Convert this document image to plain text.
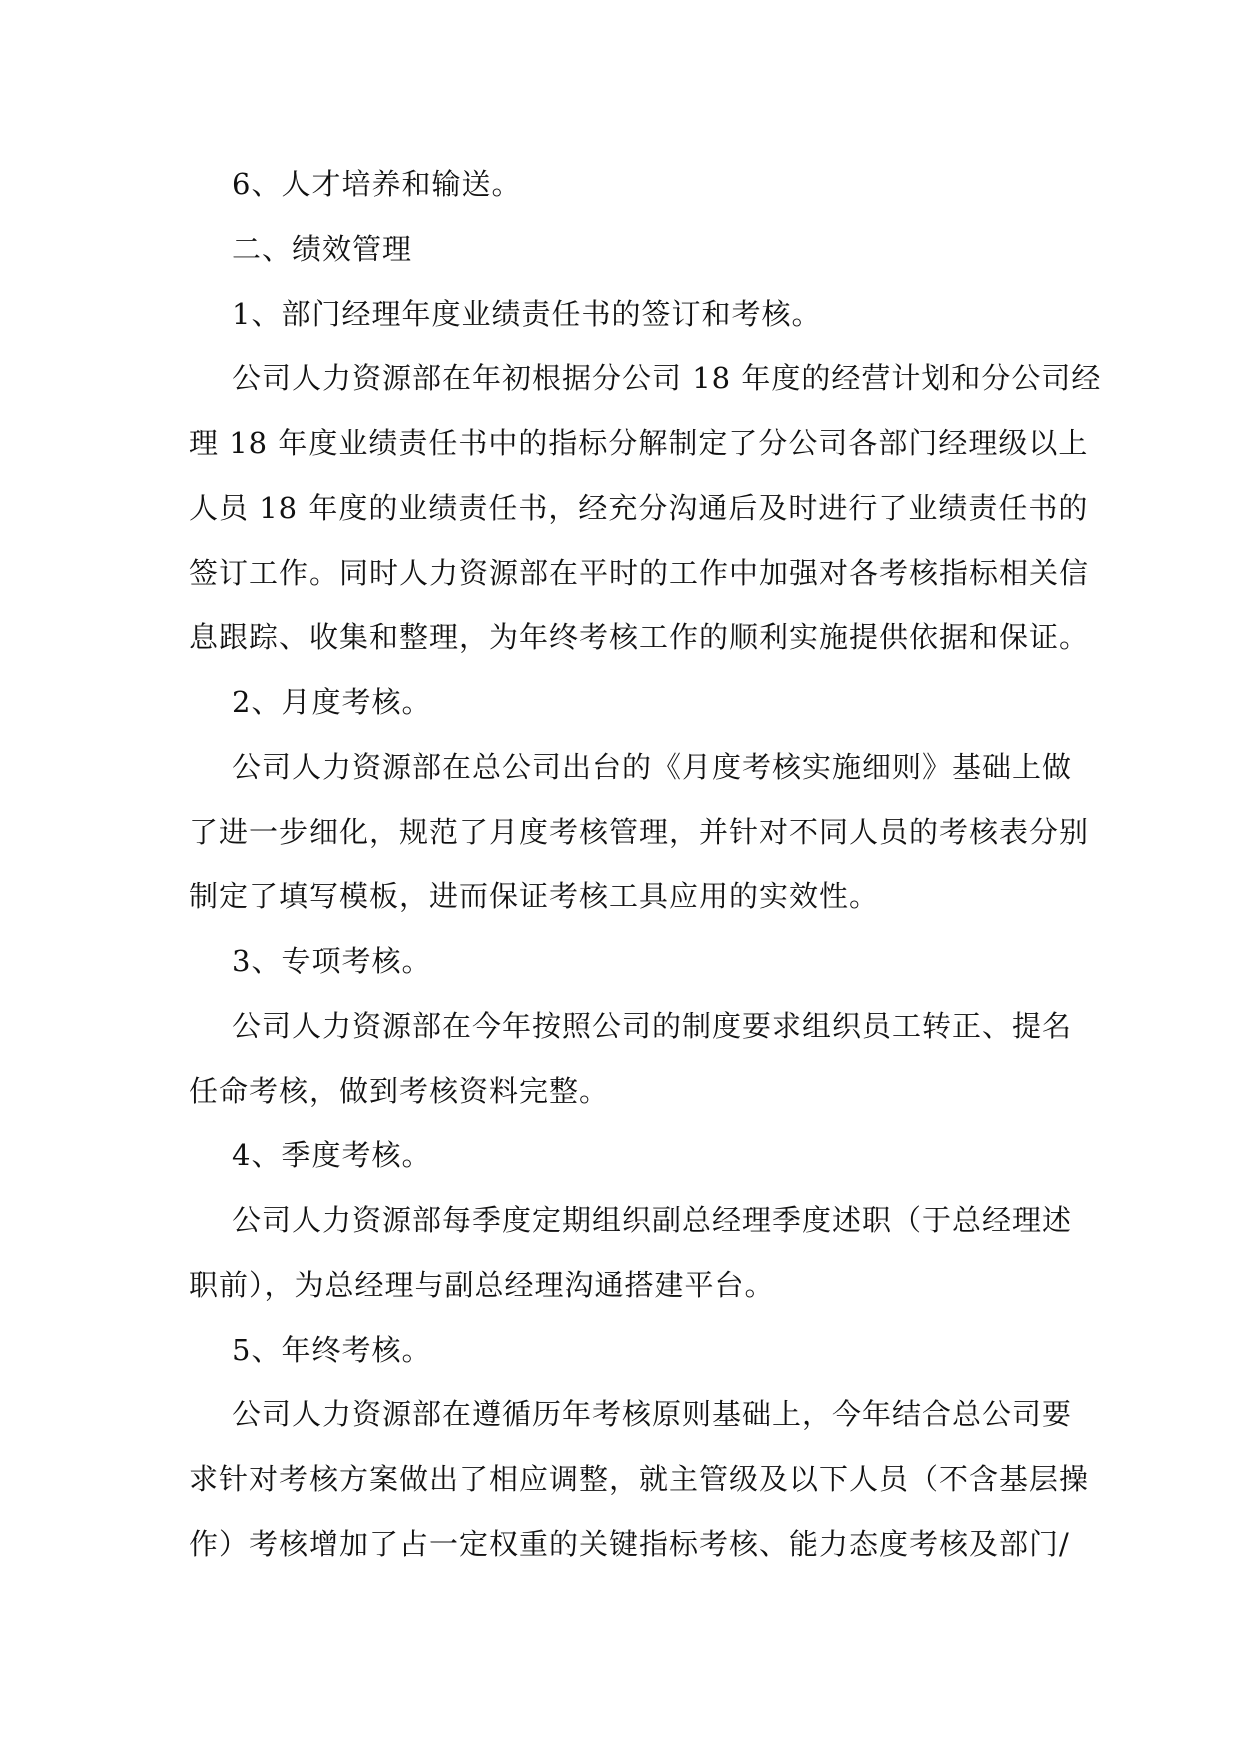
6、人才培养和输送。
二、绩效管理
1、部门经理年度业绩责任书的签订和考核。
公司人力资源部在年初根据分公司 18 年度的经营计划和分公司经
理 18 年度业绩责任书中的指标分解制定了分公司各部门经理级以上
人员 18 年度的业绩责任书，经充分沟通后及时进行了业绩责任书的
签订工作。同时人力资源部在平时的工作中加强对各考核指标相关信
息跟踪、收集和整理，为年终考核工作的顺利实施提供依据和保证。
2、月度考核。
公司人力资源部在总公司出台的《月度考核实施细则》基础上做
了进一步细化，规范了月度考核管理，并针对不同人员的考核表分别
制定了填写模板，进而保证考核工具应用的实效性。
3、专项考核。
公司人力资源部在今年按照公司的制度要求组织员工转正、提名
任命考核，做到考核资料完整。
4、季度考核。
公司人力资源部每季度定期组织副总经理季度述职（于总经理述
职前），为总经理与副总经理沟通搭建平台。
5、年终考核。
公司人力资源部在遵循历年考核原则基础上，今年结合总公司要
求针对考核方案做出了相应调整，就主管级及以下人员（不含基层操
作）考核增加了占一定权重的关键指标考核、能力态度考核及部门/
